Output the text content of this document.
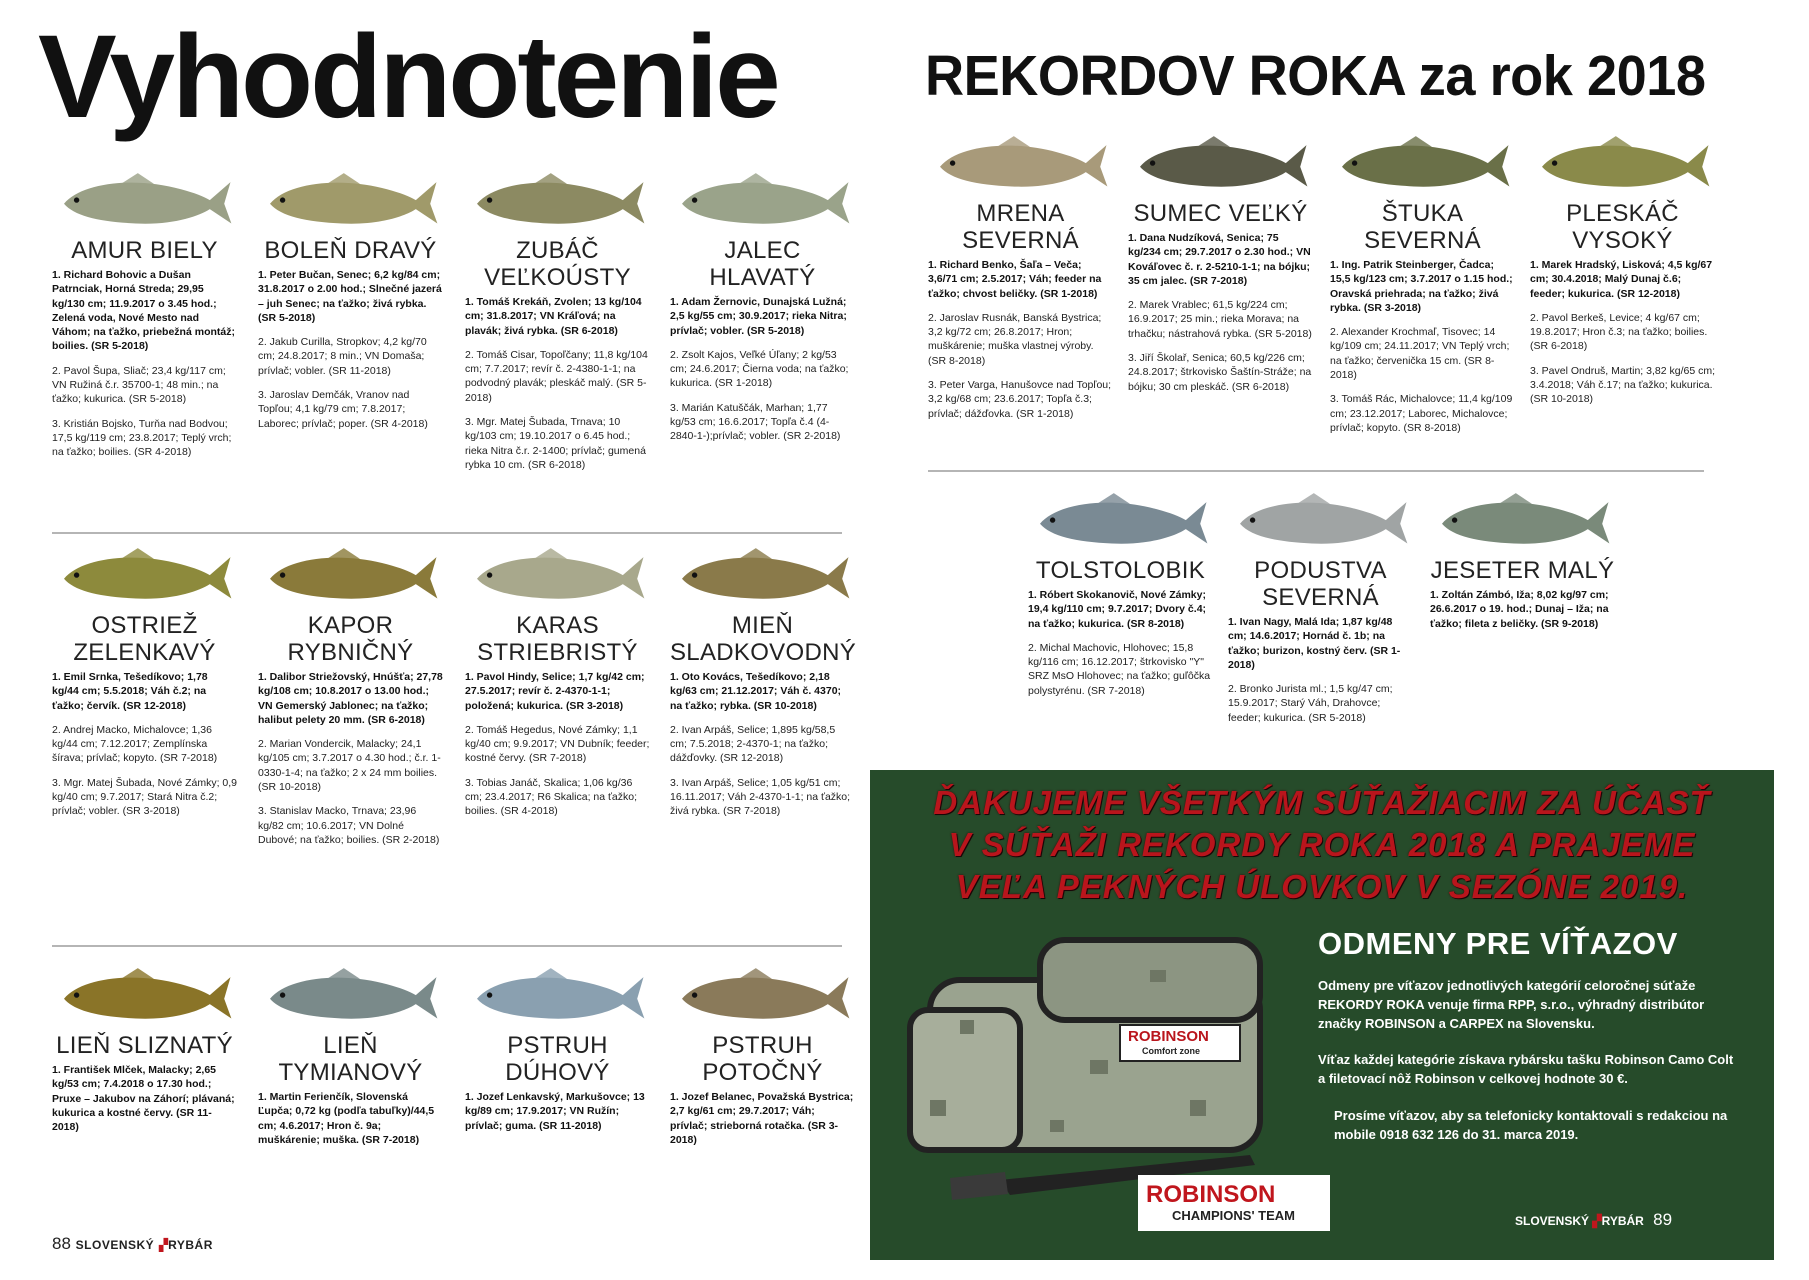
Vyhodnotenie	REKORDOV ROKA za rok 2018
AMUR BIELY
1. Richard Bohovic a Dušan Patrnciak, Horná Streda; 29,95 kg/130 cm; 11.9.2017 o 3.45 hod.; Zelená voda, Nové Mesto nad Váhom; na ťažko, priebežná montáž; boilies. (SR 5-2018)
2. Pavol Šupa, Sliač; 23,4 kg/117 cm; VN Ružiná č.r. 35700-1; 48 min.; na ťažko; kukurica. (SR 5-2018)
3. Kristián Bojsko, Turňa nad Bodvou; 17,5 kg/119 cm; 23.8.2017; Teplý vrch; na ťažko; boilies. (SR 4-2018)
BOLEŇ DRAVÝ
1. Peter Bučan, Senec; 6,2 kg/84 cm; 31.8.2017 o 2.00 hod.; Slnečné jazerá – juh Senec; na ťažko; živá rybka. (SR 5-2018)
2. Jakub Curilla, Stropkov; 4,2 kg/70 cm; 24.8.2017; 8 min.; VN Domaša; prívlač; vobler. (SR 11-2018)
3. Jaroslav Demčák, Vranov nad Topľou; 4,1 kg/79 cm; 7.8.2017; Laborec; prívlač; poper. (SR 4-2018)
ZUBÁČ VEĽKOÚSTY
1. Tomáš Krekáň, Zvolen; 13 kg/104 cm; 31.8.2017; VN Kráľová; na plavák; živá rybka. (SR 6-2018)
2. Tomáš Cisar, Topoľčany; 11,8 kg/104 cm; 7.7.2017; revír č. 2-4380-1-1; na podvodný plavák; pleskáč malý. (SR 5-2018)
3. Mgr. Matej Šubada, Trnava; 10 kg/103 cm; 19.10.2017 o 6.45 hod.; rieka Nitra č.r. 2-1400; prívlač; gumená rybka 10 cm. (SR 6-2018)
JALEC HLAVATÝ
1. Adam Žernovic, Dunajská Lužná; 2,5 kg/55 cm; 30.9.2017; rieka Nitra; prívlač; vobler. (SR 5-2018)
2. Zsolt Kajos, Veľké Úľany; 2 kg/53 cm; 24.6.2017; Čierna voda; na ťažko; kukurica. (SR 1-2018)
3. Marián Katuščák, Marhan; 1,77 kg/53 cm; 16.6.2017; Topľa č.4 (4-2840-1-);prívlač; vobler. (SR 2-2018)
OSTRIEŽ ZELENKAVÝ
1. Emil Srnka, Tešedíkovo; 1,78 kg/44 cm; 5.5.2018; Váh č.2; na ťažko; červík. (SR 12-2018)
2. Andrej Macko, Michalovce; 1,36 kg/44 cm; 7.12.2017; Zemplínska šírava; prívlač; kopyto. (SR 7-2018)
3. Mgr. Matej Šubada, Nové Zámky; 0,9 kg/40 cm; 9.7.2017; Stará Nitra č.2; prívlač; vobler. (SR 3-2018)
KAPOR RYBNIČNÝ
1. Dalibor Striežovský, Hnúšťa; 27,78 kg/108 cm; 10.8.2017 o 13.00 hod.; VN Gemerský Jablonec; na ťažko; halibut pelety 20 mm. (SR 6-2018)
2. Marian Vondercik, Malacky; 24,1 kg/105 cm; 3.7.2017 o 4.30 hod.; č.r. 1-0330-1-4; na ťažko; 2 x 24 mm boilies. (SR 10-2018)
3. Stanislav Macko, Trnava; 23,96 kg/82 cm; 10.6.2017; VN Dolné Dubové; na ťažko; boilies. (SR 2-2018)
KARAS STRIEBRISTÝ
1. Pavol Hindy, Selice; 1,7 kg/42 cm; 27.5.2017; revír č. 2-4370-1-1; položená; kukurica. (SR 3-2018)
2. Tomáš Hegedus, Nové Zámky; 1,1 kg/40 cm; 9.9.2017; VN Dubník; feeder; kostné červy. (SR 7-2018)
3. Tobias Janáč, Skalica; 1,06 kg/36 cm; 23.4.2017; R6 Skalica; na ťažko; boilies. (SR 4-2018)
MIEŇ SLADKOVODNÝ
1. Oto Kovács, Tešedíkovo; 2,18 kg/63 cm; 21.12.2017; Váh č. 4370; na ťažko; rybka. (SR 10-2018)
2. Ivan Arpáš, Selice; 1,895 kg/58,5 cm; 7.5.2018; 2-4370-1; na ťažko; dážďovky. (SR 12-2018)
3. Ivan Arpáš, Selice; 1,05 kg/51 cm; 16.11.2017; Váh 2-4370-1-1; na ťažko; živá rybka. (SR 7-2018)
LIEŇ SLIZNATÝ
1. František Mlček, Malacky; 2,65 kg/53 cm; 7.4.2018 o 17.30 hod.; Pruxe – Jakubov na Záhorí; plávaná; kukurica a kostné červy. (SR 11-2018)
LIEŇ TYMIANOVÝ
1. Martin Ferienčík, Slovenská Ľupča; 0,72 kg (podľa tabuľky)/44,5 cm; 4.6.2017; Hron č. 9a; muškárenie; muška. (SR 7-2018)
PSTRUH DÚHOVÝ
1. Jozef Lenkavský, Markušovce; 13 kg/89 cm; 17.9.2017; VN Ružín; prívlač; guma. (SR 11-2018)
PSTRUH POTOČNÝ
1. Jozef Belanec, Považská Bystrica; 2,7 kg/61 cm; 29.7.2017; Váh; prívlač; strieborná rotačka. (SR 3-2018)
MRENA SEVERNÁ
1. Richard Benko, Šaľa – Veča; 3,6/71 cm; 2.5.2017; Váh; feeder na ťažko; chvost beličky. (SR 1-2018)
2. Jaroslav Rusnák, Banská Bystrica; 3,2 kg/72 cm; 26.8.2017; Hron; muškárenie; muška vlastnej výroby. (SR 8-2018)
3. Peter Varga, Hanušovce nad Topľou; 3,2 kg/68 cm; 23.6.2017; Topľa č.3; prívlač; dážďovka. (SR 1-2018)
SUMEC VEĽKÝ
1. Dana Nudzíková, Senica; 75 kg/234 cm; 29.7.2017 o 2.30 hod.; VN Kováľovec č. r. 2-5210-1-1; na bójku; 35 cm jalec. (SR 7-2018)
2. Marek Vrablec; 61,5 kg/224 cm; 16.9.2017; 25 min.; rieka Morava; na trhačku; nástrahová rybka. (SR 5-2018)
3. Jiří Školař, Senica; 60,5 kg/226 cm; 24.8.2017; štrkovisko Šaštín-Stráže; na bójku; 30 cm pleskáč. (SR 6-2018)
ŠTUKA SEVERNÁ
1. Ing. Patrik Steinberger, Čadca; 15,5 kg/123 cm; 3.7.2017 o 1.15 hod.; Oravská priehrada; na ťažko; živá rybka. (SR 3-2018)
2. Alexander Krochmaľ, Tisovec; 14 kg/109 cm; 24.11.2017; VN Teplý vrch; na ťažko; červenička 15 cm. (SR 8-2018)
3. Tomáš Rác, Michalovce; 11,4 kg/109 cm; 23.12.2017; Laborec, Michalovce; prívlač; kopyto. (SR 8-2018)
PLESKÁČ VYSOKÝ
1. Marek Hradský, Lisková; 4,5 kg/67 cm; 30.4.2018; Malý Dunaj č.6; feeder; kukurica. (SR 12-2018)
2. Pavol Berkeš, Levice; 4 kg/67 cm; 19.8.2017; Hron č.3; na ťažko; boilies. (SR 6-2018)
3. Pavel Ondruš, Martin; 3,82 kg/65 cm; 3.4.2018; Váh č.17; na ťažko; kukurica. (SR 10-2018)
TOLSTOLOBIK
1. Róbert Skokanovič, Nové Zámky; 19,4 kg/110 cm; 9.7.2017; Dvory č.4; na ťažko; kukurica. (SR 8-2018)
2. Michal Machovic, Hlohovec; 15,8 kg/116 cm; 16.12.2017; štrkovisko "Y" SRZ MsO Hlohovec; na ťažko; guľôčka polystyrénu. (SR 7-2018)
PODUSTVA SEVERNÁ
1. Ivan Nagy, Malá Ida; 1,87 kg/48 cm; 14.6.2017; Hornád č. 1b; na ťažko; burizon, kostný červ. (SR 1-2018)
2. Bronko Jurista ml.; 1,5 kg/47 cm; 15.9.2017; Starý Váh, Drahovce; feeder; kukurica. (SR 5-2018)
JESETER MALÝ
1. Zoltán Zámbó, Iža; 8,02 kg/97 cm; 26.6.2017 o 19. hod.; Dunaj – Iža; na ťažko; fileta z beličky. (SR 9-2018)
ĎAKUJEME VŠETKÝM SÚŤAŽIACIM ZA ÚČASŤ
V SÚŤAŽI REKORDY ROKA 2018 A PRAJEME
VEĽA PEKNÝCH ÚLOVKOV V SEZÓNE 2019.
ROBINSON
Comfort zone
ROBINSON
CHAMPIONS' TEAM
ODMENY PRE VÍŤAZOV
Odmeny pre víťazov jednotlivých kategórií celoročnej súťaže REKORDY ROKA venuje firma RPP, s.r.o., výhradný distribútor značky ROBINSON a CARPEX na Slovensku.
Víťaz každej kategórie získava rybársku tašku Robinson Camo Colt a filetovací nôž Robinson v celkovej hodnote 30 €.
Prosíme víťazov, aby sa telefonicky kontaktovali s redakciou na mobile 0918 632 126 do 31. marca 2019.
SLOVENSKÝ ▞RYBÁR 89
88 SLOVENSKÝ ▞RYBÁR
